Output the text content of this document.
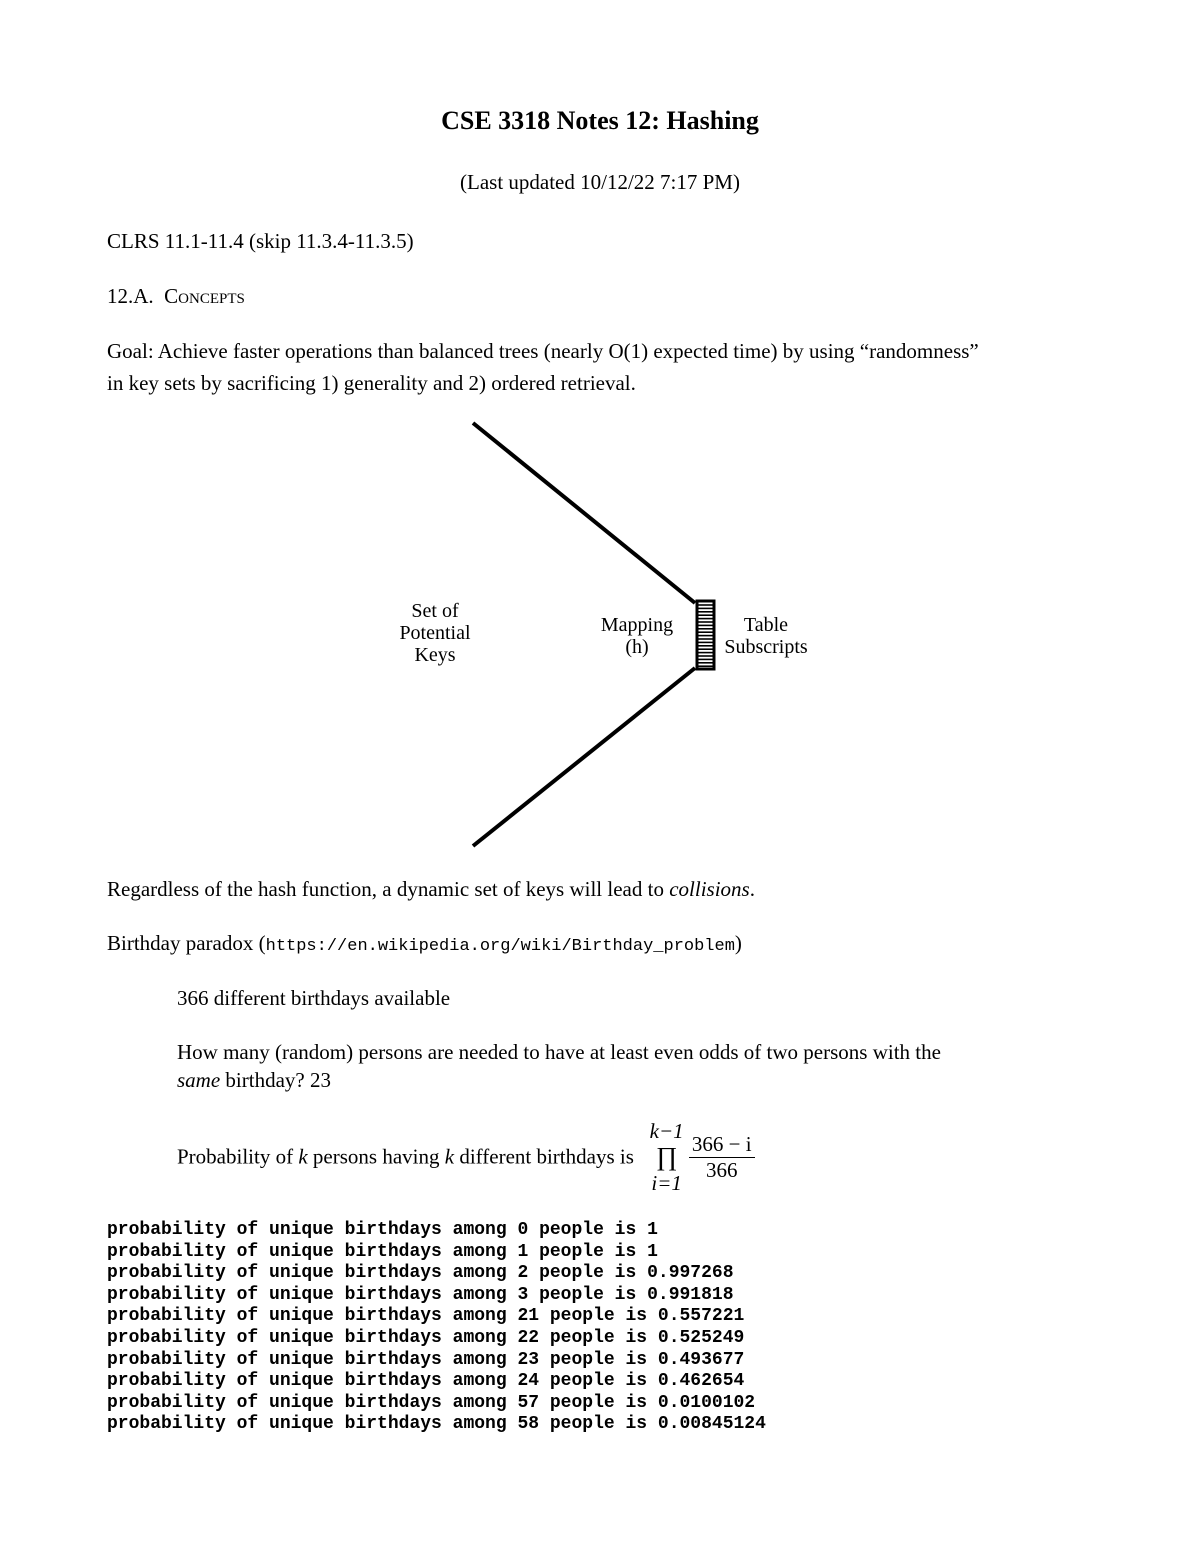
CSE 3318 Notes 12: Hashing
(Last updated 10/12/22 7:17 PM)
CLRS 11.1-11.4 (skip 11.3.4-11.3.5)
12.A. Concepts
Goal: Achieve faster operations than balanced trees (nearly O(1) expected time) by using “randomness”
in key sets by sacrificing 1) generality and 2) ordered retrieval.
Set of
Potential
Keys
Mapping
(h)
Table
Subscripts
Regardless of the hash function, a dynamic set of keys will lead to collisions.
Birthday paradox (https://en.wikipedia.org/wiki/Birthday_problem)
366 different birthdays available
How many (random) persons are needed to have at least even odds of two persons with the
same birthday? 23
Probability of k persons having k different birthdays is
k−1
∏
i=1

$\frac{366 - i}{366}$
probability of unique birthdays among 0 people is 1
probability of unique birthdays among 1 people is 1
probability of unique birthdays among 2 people is 0.997268
probability of unique birthdays among 3 people is 0.991818
probability of unique birthdays among 21 people is 0.557221
probability of unique birthdays among 22 people is 0.525249
probability of unique birthdays among 23 people is 0.493677
probability of unique birthdays among 24 people is 0.462654
probability of unique birthdays among 57 people is 0.0100102
probability of unique birthdays among 58 people is 0.00845124
